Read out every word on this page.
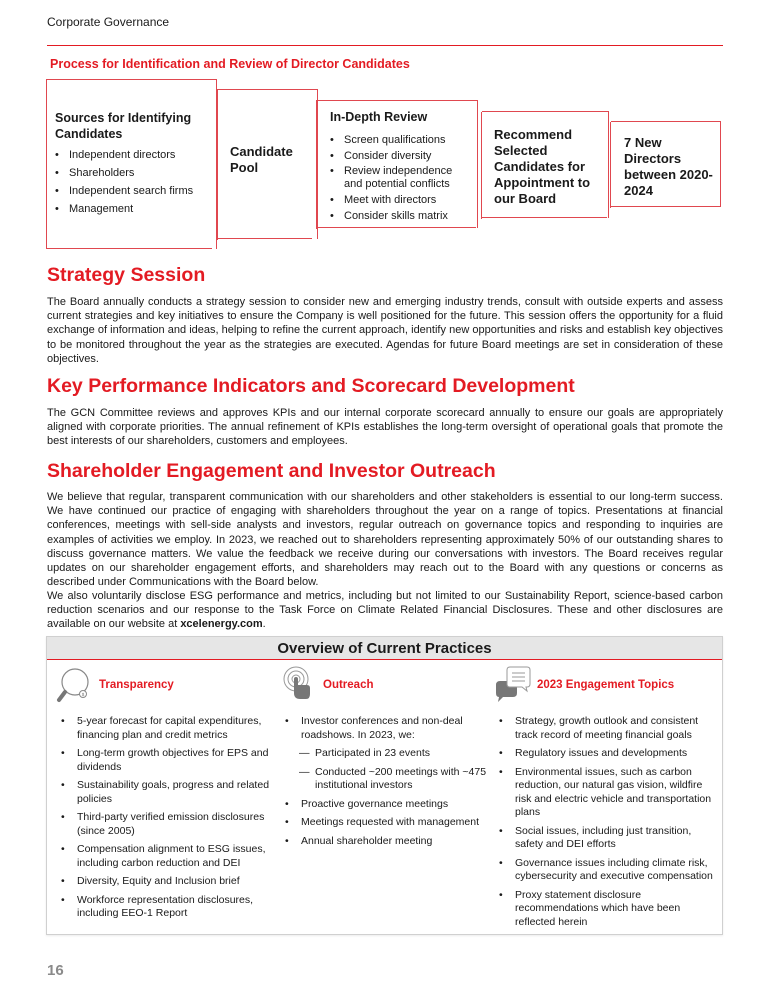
Corporate Governance
Process for Identification and Review of Director Candidates
Sources for Identifying Candidates
• Independent directors
• Shareholders
• Independent search firms
• Management
Candidate Pool
In-Depth Review
• Screen qualifications
• Consider diversity
• Review independence and potential conflicts
• Meet with directors
• Consider skills matrix
Recommend Selected Candidates for Appointment to our Board
7 New Directors between 2020-2024
Strategy Session
The Board annually conducts a strategy session to consider new and emerging industry trends, consult with outside experts and assess current strategies and key initiatives to ensure the Company is well positioned for the future. This session offers the opportunity for a fluid exchange of information and ideas, helping to refine the current approach, identify new opportunities and risks and establish key objectives to be monitored throughout the year as the strategies are executed. Agendas for future Board meetings are set in consideration of these objectives.
Key Performance Indicators and Scorecard Development
The GCN Committee reviews and approves KPIs and our internal corporate scorecard annually to ensure our goals are appropriately aligned with corporate priorities. The annual refinement of KPIs establishes the long-term oversight of operational goals that promote the best interests of our shareholders, customers and employees.
Shareholder Engagement and Investor Outreach
We believe that regular, transparent communication with our shareholders and other stakeholders is essential to our long-term success. We have continued our practice of engaging with shareholders throughout the year on a range of topics. Presentations at financial conferences, meetings with sell-side analysts and investors, regular outreach on governance topics and responding to inquiries are examples of activities we employ. In 2023, we reached out to shareholders representing approximately 50% of our outstanding shares to discuss governance matters. We value the feedback we receive during our conversations with investors. The Board receives regular updates on our shareholder engagement efforts, and shareholders may reach out to the Board with any questions or concerns as described under Communications with the Board below.
We also voluntarily disclose ESG performance and metrics, including but not limited to our Sustainability Report, science-based carbon reduction scenarios and our response to the Task Force on Climate Related Financial Disclosures. These and other disclosures are available on our website at xcelenergy.com.
Overview of Current Practices
$
Transparency
• 5-year forecast for capital expenditures, financing plan and credit metrics
• Long-term growth objectives for EPS and dividends
• Sustainability goals, progress and related policies
• Third-party verified emission disclosures (since 2005)
• Compensation alignment to ESG issues, including carbon reduction and DEI
• Diversity, Equity and Inclusion brief
• Workforce representation disclosures, including EEO-1 Report
Outreach
• Investor conferences and non-deal roadshows. In 2023, we:
— Participated in 23 events
— Conducted ~200 meetings with ~475 institutional investors
• Proactive governance meetings
• Meetings requested with management
• Annual shareholder meeting
2023 Engagement Topics
• Strategy, growth outlook and consistent track record of meeting financial goals
• Regulatory issues and developments
• Environmental issues, such as carbon reduction, our natural gas vision, wildfire risk and electric vehicle and transportation plans
• Social issues, including just transition, safety and DEI efforts
• Governance issues including climate risk, cybersecurity and executive compensation
• Proxy statement disclosure recommendations which have been reflected herein
16
